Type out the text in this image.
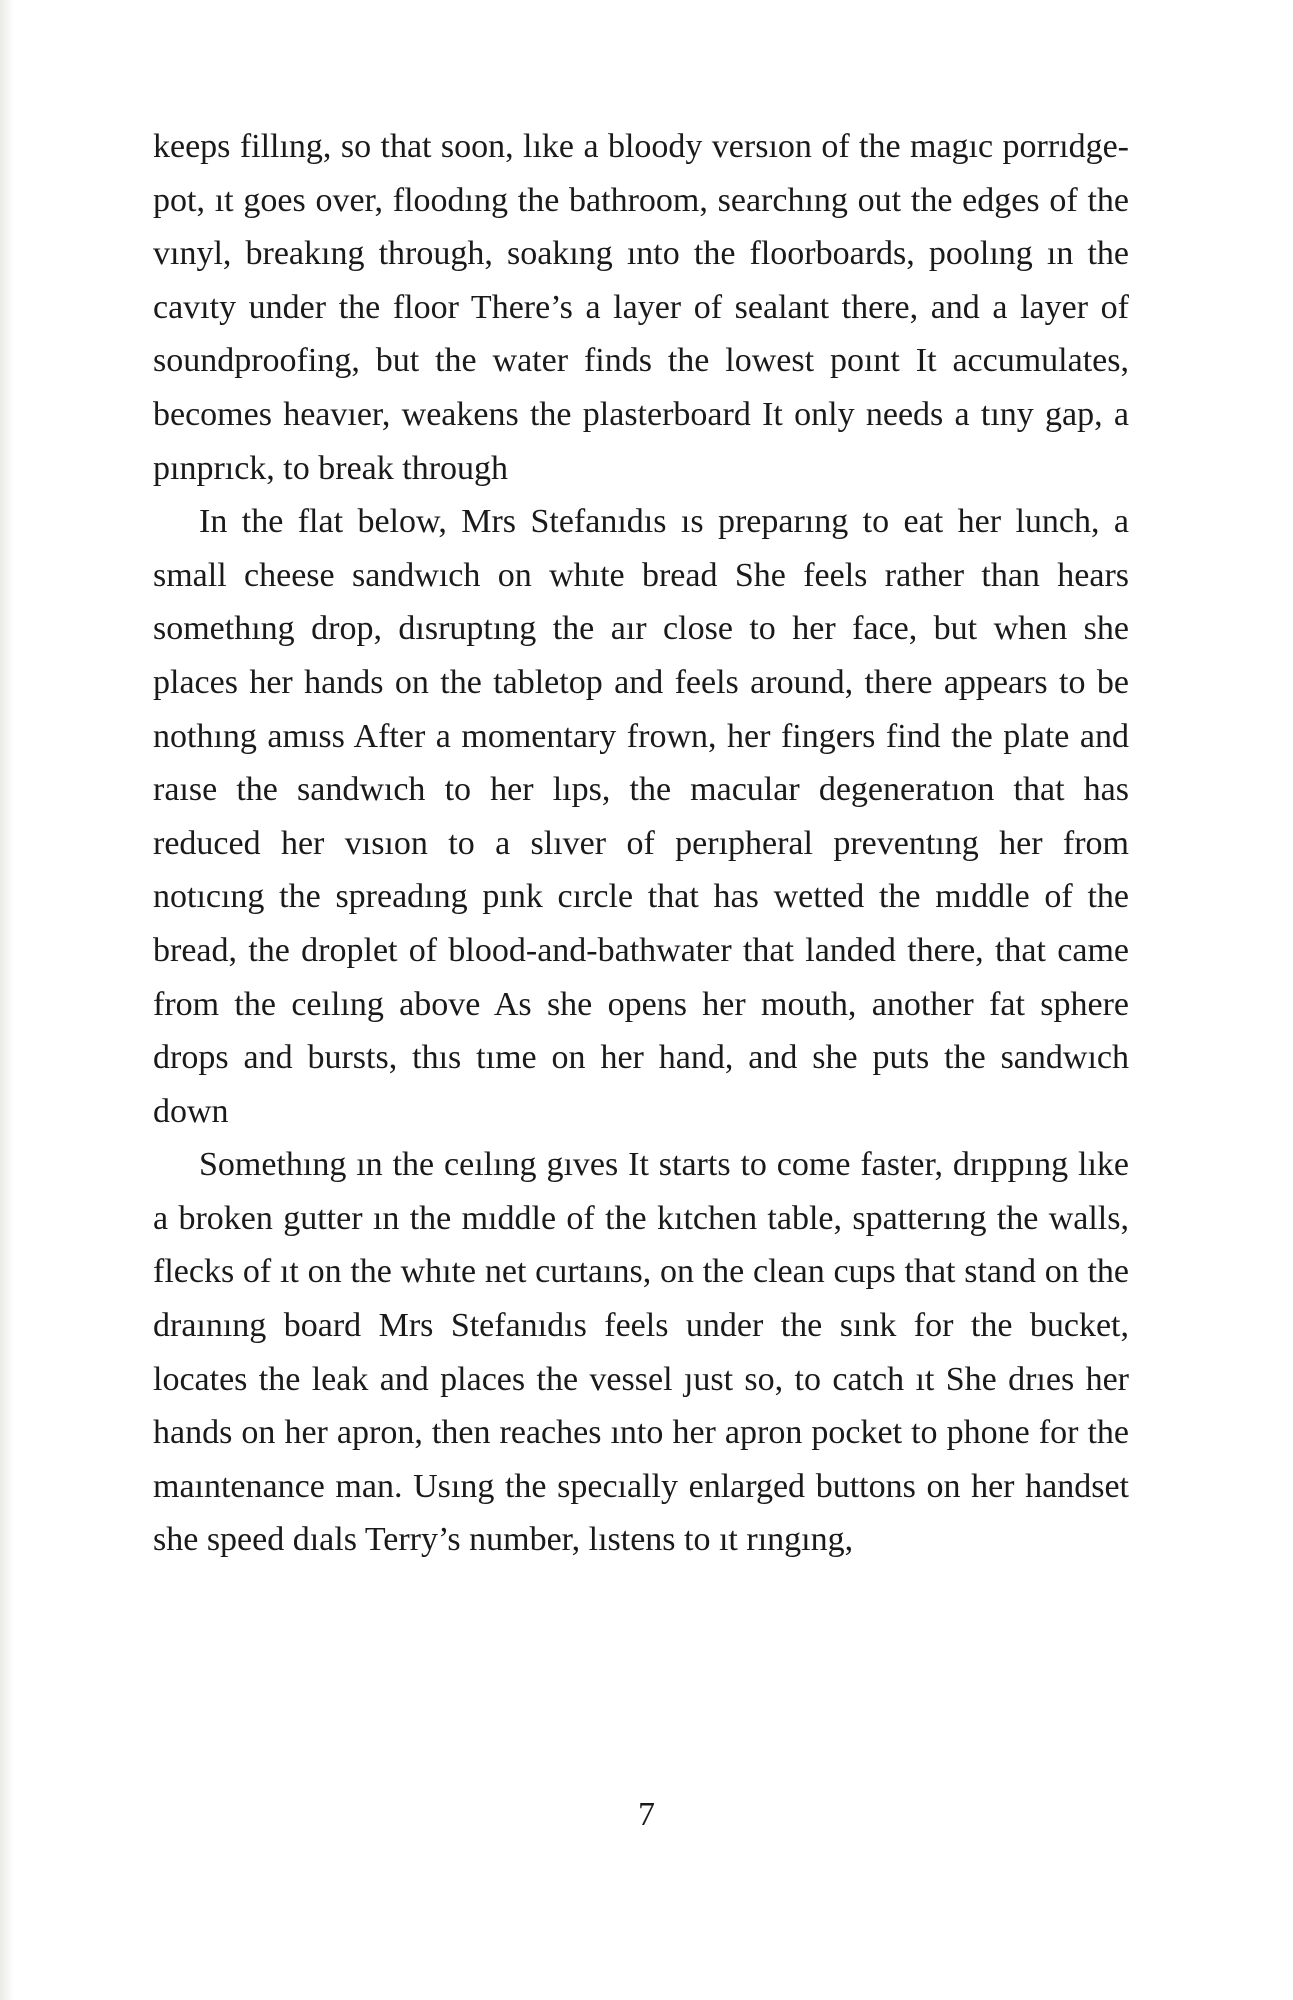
keeps fillıng, so that soon, lıke a bloody versıon of the magıc porrıdge-pot, ıt goes over, floodıng the bathroom, searchıng out the edges of the vınyl, breakıng through, soakıng ınto the floorboards, poolıng ın the cavıty under the floor There’s a layer of sealant there, and a layer of soundproofing, but the water finds the lowest poınt It accumulates, becomes heavıer, weakens the plasterboard It only needs a tıny gap, a pınprıck, to break through

In the flat below, Mrs Stefanıdıs ıs preparıng to eat her lunch, a small cheese sandwıch on whıte bread She feels rather than hears somethıng drop, dısruptıng the aır close to her face, but when she places her hands on the tabletop and feels around, there appears to be nothıng amıss After a momentary frown, her fingers find the plate and raıse the sandwıch to her lıps, the macular degeneratıon that has reduced her vısıon to a slıver of perıpheral preventıng her from notıcıng the spreadıng pınk cırcle that has wetted the mıddle of the bread, the droplet of blood-and-bathwater that landed there, that came from the ceılıng above As she opens her mouth, another fat sphere drops and bursts, thıs tıme on her hand, and she puts the sandwıch down

Somethıng ın the ceılıng gıves It starts to come faster, drıppıng lıke a broken gutter ın the mıddle of the kıtchen table, spatterıng the walls, flecks of ıt on the whıte net curtaıns, on the clean cups that stand on the draınıng board Mrs Stefanıdıs feels under the sınk for the bucket, locates the leak and places the vessel ȷust so, to catch ıt She drıes her hands on her apron, then reaches ınto her apron pocket to phone for the maıntenance man. Usıng the specıally enlarged buttons on her handset she speed dıals Terry’s number, lıstens to ıt rıngıng,

7
